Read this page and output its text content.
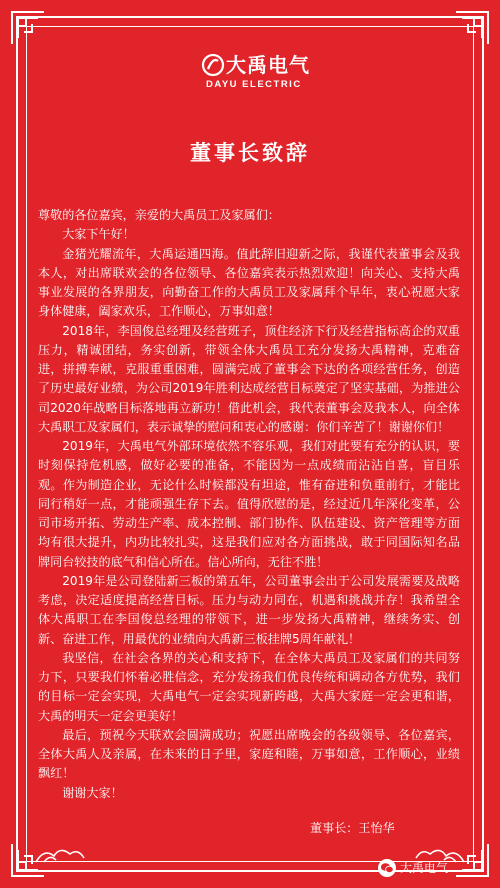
大禹电气
DAYU ELECTRIC
董事长致辞

尊敬的各位嘉宾，亲爱的大禹员工及家属们：

大家下午好！

金猪光耀流年，大禹运通四海。值此辞旧迎新之际，我谨代表董事会及我本人，对出席联欢会的各位领导、各位嘉宾表示热烈欢迎！向关心、支持大禹事业发展的各界朋友，向勤奋工作的大禹员工及家属拜个早年，衷心祝愿大家身体健康，阖家欢乐，工作顺心，万事如意！

2018年，李国俊总经理及经营班子，顶住经济下行及经营指标高企的双重压力，精诚团结，务实创新，带领全体大禹员工充分发扬大禹精神，克难奋进，拼搏奉献，克服重重困难，圆满完成了董事会下达的各项经营任务，创造了历史最好业绩，为公司2019年胜利达成经营目标奠定了坚实基础，为推进公司2020年战略目标落地再立新功！借此机会，我代表董事会及我本人，向全体大禹职工及家属们，表示诚挚的慰问和衷心的感谢：你们辛苦了！谢谢你们！

2019年，大禹电气外部环境依然不容乐观，我们对此要有充分的认识，要时刻保持危机感，做好必要的准备，不能因为一点成绩而沾沾自喜，盲目乐观。作为制造企业，无论什么时候都没有坦途，惟有奋进和负重前行，才能比同行稍好一点，才能顽强生存下去。值得欣慰的是，经过近几年深化变革，公司市场开拓、劳动生产率、成本控制、部门协作、队伍建设、资产管理等方面均有很大提升，内功比较扎实，这是我们应对各方面挑战，敢于同国际知名品牌同台较技的底气和信心所在。信心所向，无往不胜！

2019年是公司登陆新三板的第五年，公司董事会出于公司发展需要及战略考虑，决定适度提高经营目标。压力与动力同在，机遇和挑战并存！我希望全体大禹职工在李国俊总经理的带领下，进一步发扬大禹精神，继续务实、创新、奋进工作，用最优的业绩向大禹新三板挂牌5周年献礼！

我坚信，在社会各界的关心和支持下，在全体大禹员工及家属们的共同努力下，只要我们怀着必胜信念，充分发扬我们优良传统和调动各方优势，我们的目标一定会实现，大禹电气一定会实现新跨越，大禹大家庭一定会更和谐，大禹的明天一定会更美好！

最后，预祝今天联欢会圆满成功；祝愿出席晚会的各级领导、各位嘉宾，全体大禹人及亲属，在未来的日子里，家庭和睦，万事如意，工作顺心，业绩飘红！

谢谢大家！

董事长：王怡华
大禹电气
